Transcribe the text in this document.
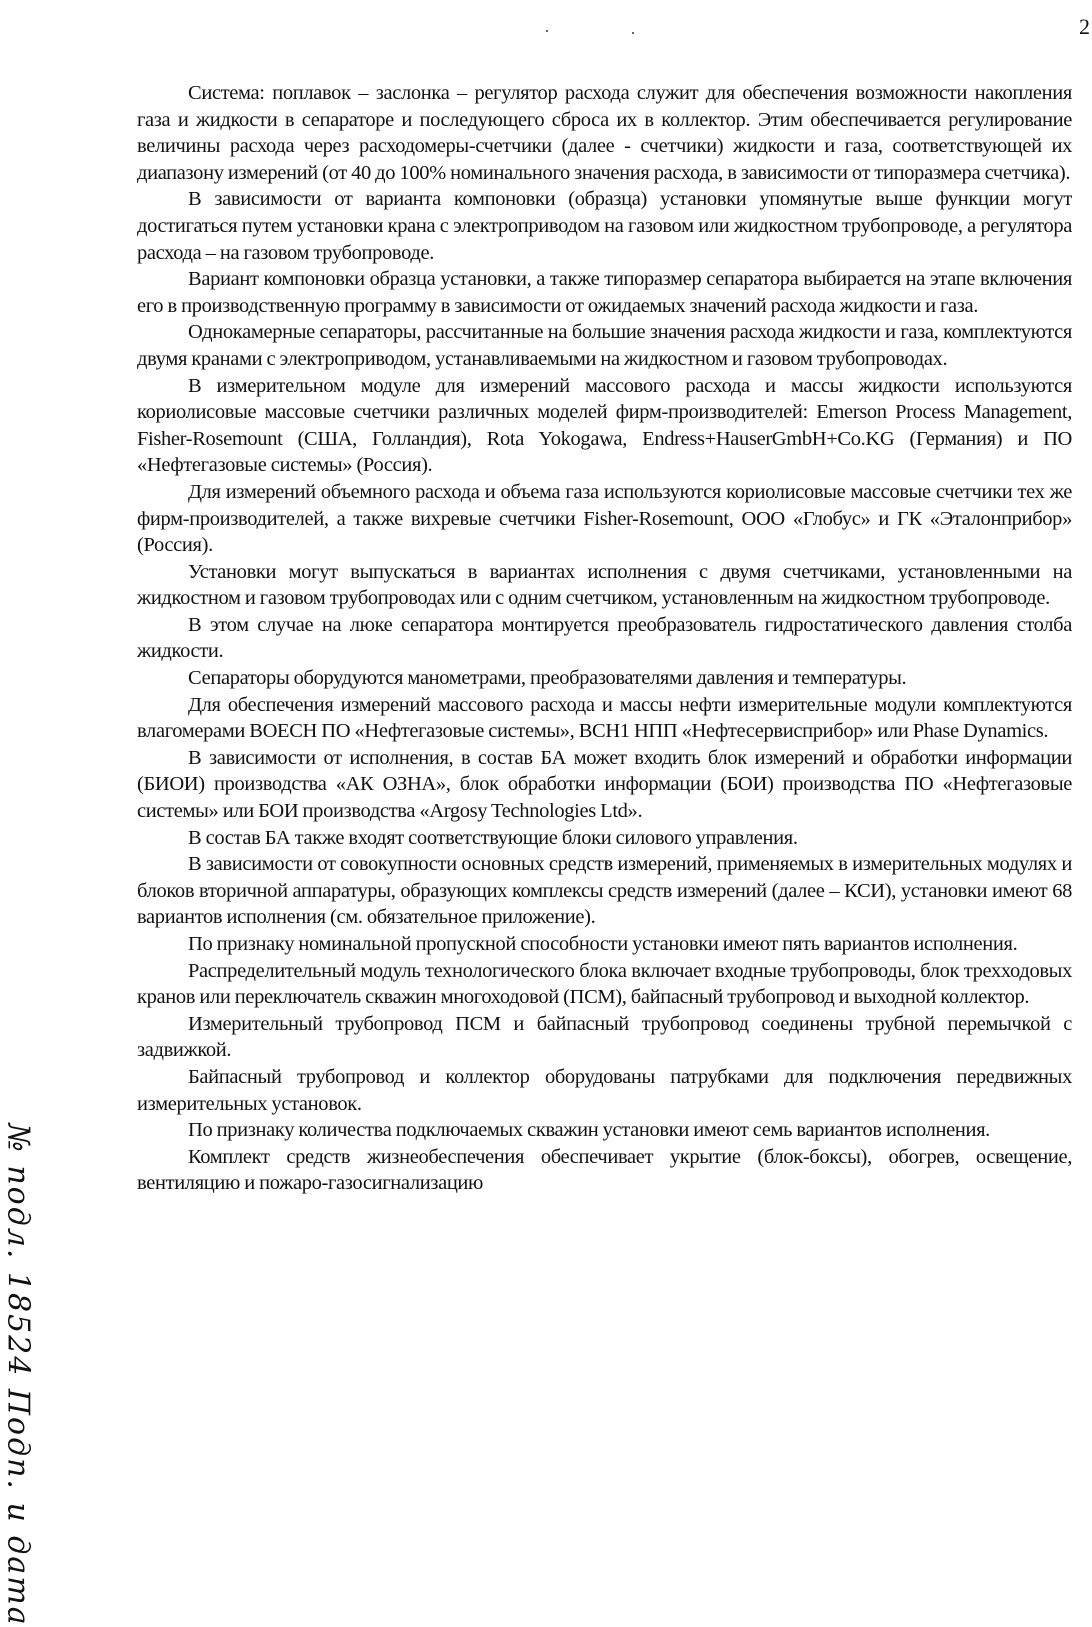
2
№ подл. 18524 Подп. и дата

Система: поплавок – заслонка – регулятор расхода служит для обеспечения возможности накопления газа и жидкости в сепараторе и последующего сброса их в коллектор. Этим обеспечивается регулирование величины расхода через расходомеры-счетчики (далее - счетчики) жидкости и газа, соответствующей их диапазону измерений (от 40 до 100% номинального значения расхода, в зависимости от типоразмера счетчика).

В зависимости от варианта компоновки (образца) установки упомянутые выше функции могут достигаться путем установки крана с электроприводом на газовом или жидкостном трубопроводе, а регулятора расхода – на газовом трубопроводе.

Вариант компоновки образца установки, а также типоразмер сепаратора выбирается на этапе включения его в производственную программу в зависимости от ожидаемых значений расхода жидкости и газа.

Однокамерные сепараторы, рассчитанные на большие значения расхода жидкости и газа, комплектуются двумя кранами с электроприводом, устанавливаемыми на жидкостном и газовом трубопроводах.

В измерительном модуле для измерений массового расхода и массы жидкости используются кориолисовые массовые счетчики различных моделей фирм-производителей: Emerson Process Management, Fisher-Rosemount (США, Голландия), Rota Yokogawa, Endress+HauserGmbH+Co.KG (Германия) и ПО «Нефтегазовые системы» (Россия).

Для измерений объемного расхода и объема газа используются кориолисовые массовые счетчики тех же фирм-производителей, а также вихревые счетчики Fisher-Rosemount, ООО «Глобус» и ГК «Эталонприбор» (Россия).

Установки могут выпускаться в вариантах исполнения с двумя счетчиками, установленными на жидкостном и газовом трубопроводах или с одним счетчиком, установленным на жидкостном трубопроводе.

В этом случае на люке сепаратора монтируется преобразователь гидростатического давления столба жидкости.

Сепараторы оборудуются манометрами, преобразователями давления и температуры.

Для обеспечения измерений массового расхода и массы нефти измерительные модули комплектуются влагомерами ВОЕСН ПО «Нефтегазовые системы», ВСН1 НПП «Нефтесервиcприбор» или Phase Dynamics.

В зависимости от исполнения, в состав БА может входить блок измерений и обработки информации (БИОИ) производства «АК ОЗНА», блок обработки информации (БОИ) производства ПО «Нефтегазовые системы» или БОИ производства «Argosy Technologies Ltd».

В состав БА также входят соответствующие блоки силового управления.

В зависимости от совокупности основных средств измерений, применяемых в измерительных модулях и блоков вторичной аппаратуры, образующих комплексы средств измерений (далее – КСИ), установки имеют 68 вариантов исполнения (см. обязательное приложение).

По признаку номинальной пропускной способности установки имеют пять вариантов исполнения.

Распределительный модуль технологического блока включает входные трубопроводы, блок трехходовых кранов или переключатель скважин многоходовой (ПСМ), байпасный трубопровод и выходной коллектор.

Измерительный трубопровод ПСМ и байпасный трубопровод соединены трубной перемычкой с задвижкой.

Байпасный трубопровод и коллектор оборудованы патрубками для подключения передвижных измерительных установок.

По признаку количества подключаемых скважин установки имеют семь вариантов исполнения.

Комплект средств жизнеобеспечения обеспечивает укрытие (блок-боксы), обогрев, освещение, вентиляцию и пожаро-газосигнализацию
